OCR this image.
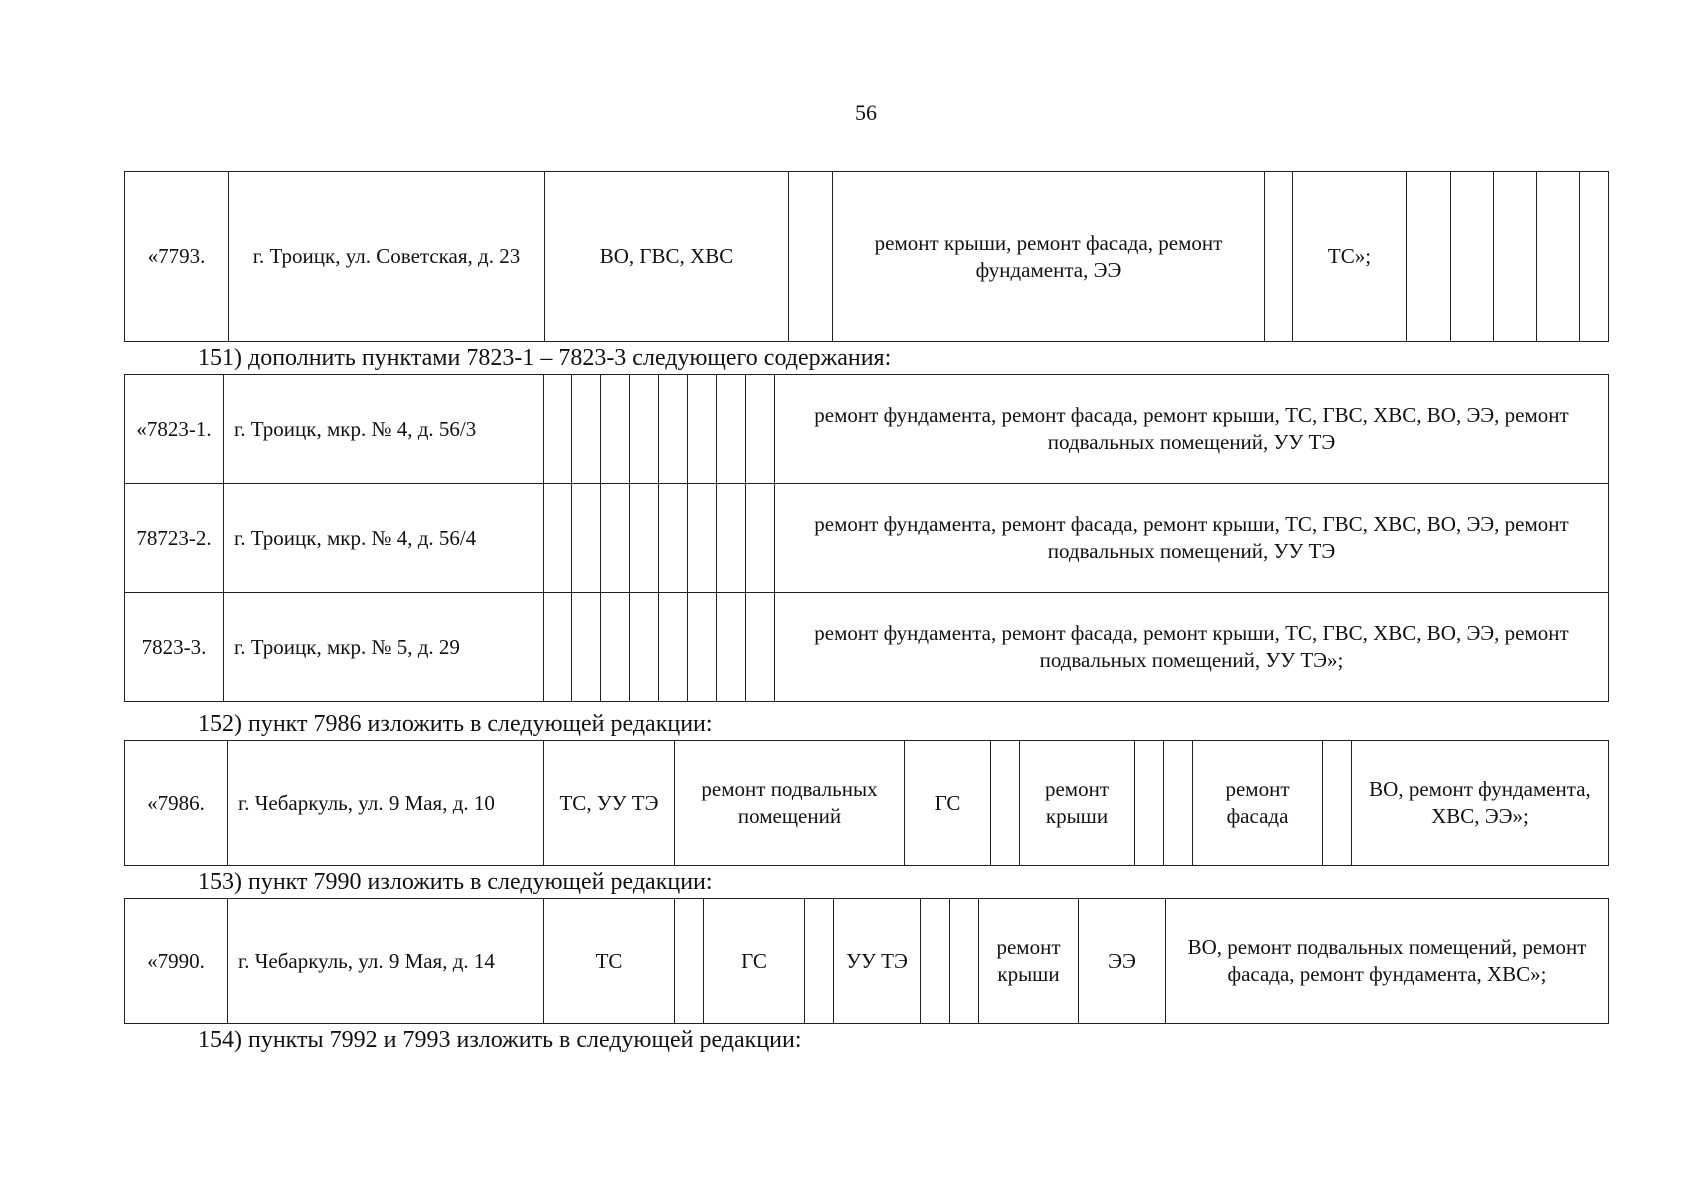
56
«7793.	г. Троицк, ул. Советская, д. 23	ВО, ГВС, ХВС		ремонт крыши, ремонт фасада, ремонт фундамента, ЭЭ		ТС»;					
151) дополнить пунктами 7823-1 – 7823-3 следующего содержания:
«7823-1.	г. Троицк, мкр. № 4, д. 56/3									ремонт фундамента, ремонт фасада, ремонт крыши, ТС, ГВС, ХВС, ВО, ЭЭ, ремонт подвальных помещений, УУ ТЭ
78723-2.	г. Троицк, мкр. № 4, д. 56/4									ремонт фундамента, ремонт фасада, ремонт крыши, ТС, ГВС, ХВС, ВО, ЭЭ, ремонт подвальных помещений, УУ ТЭ
7823-3.	г. Троицк, мкр. № 5, д. 29									ремонт фундамента, ремонт фасада, ремонт крыши, ТС, ГВС, ХВС, ВО, ЭЭ, ремонт подвальных помещений, УУ ТЭ»;
152) пункт 7986 изложить в следующей редакции:
«7986.	г. Чебаркуль, ул. 9 Мая, д. 10	ТС, УУ ТЭ	ремонт подвальных помещений	ГС		ремонт крыши			ремонт фасада		ВО, ремонт фундамента, ХВС, ЭЭ»;
153) пункт 7990 изложить в следующей редакции:
«7990.	г. Чебаркуль, ул. 9 Мая, д. 14	ТС		ГС		УУ ТЭ			ремонт крыши	ЭЭ	ВО, ремонт подвальных помещений, ремонт фасада, ремонт фундамента, ХВС»;
154) пункты 7992 и 7993 изложить в следующей редакции:
